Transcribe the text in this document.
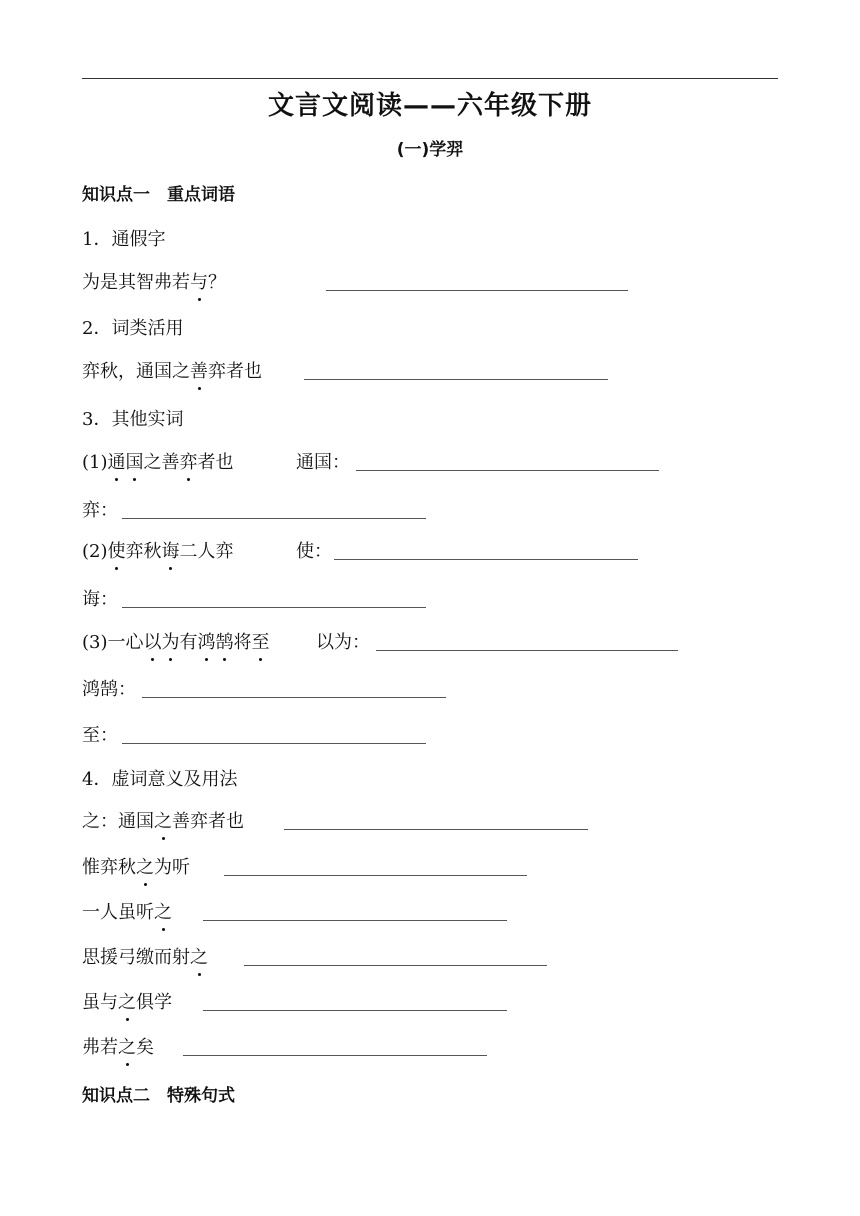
文言文阅读——六年级下册
(一)学羿
知识点一　重点词语
1．通假字
为是其智弗若与？
2．词类活用
弈秋，通国之善弈者也
3．其他实词
(1)通国之善弈者也	通国：
弈：
(2)使弈秋诲二人弈	使：
诲：
(3)一心以为有鸿鹄将至	以为：
鸿鹄：
至：
4．虚词意义及用法
之：通国之善弈者也
惟弈秋之为听
一人虽听之
思援弓缴而射之
虽与之俱学
弗若之矣
知识点二　特殊句式
